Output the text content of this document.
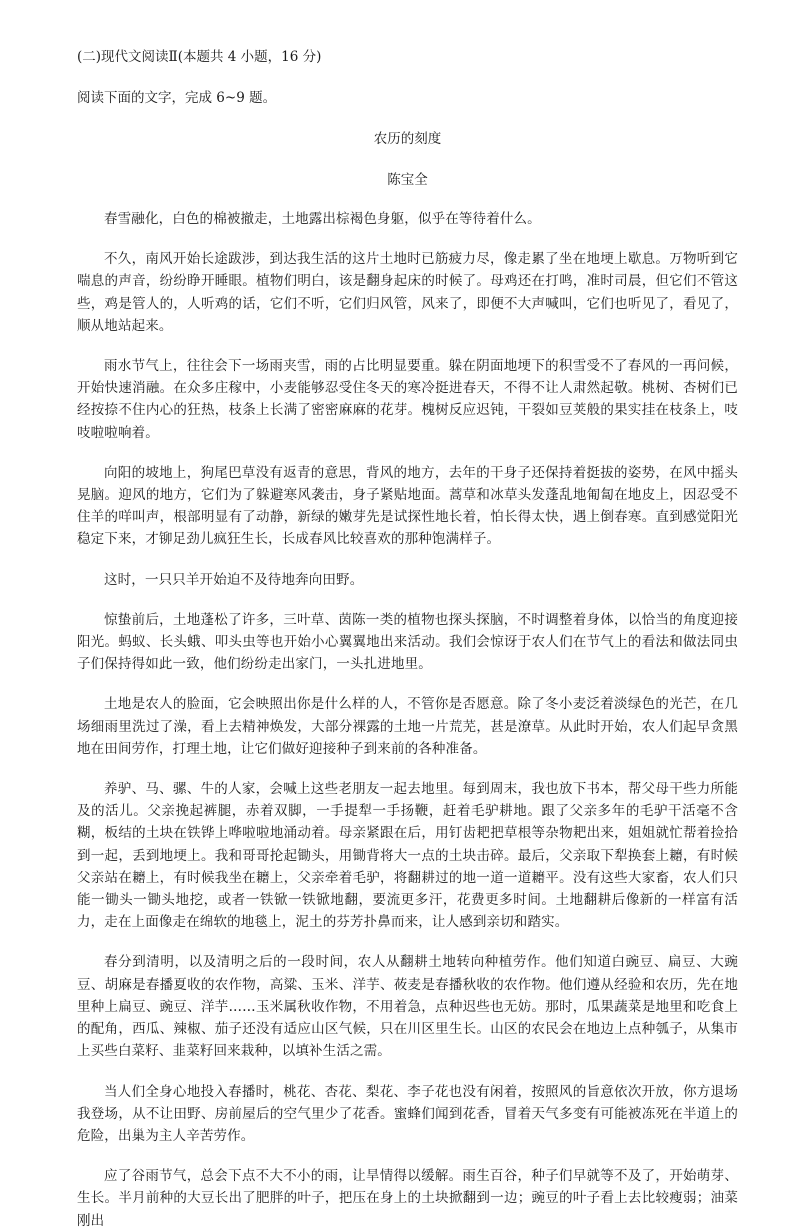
(二)现代文阅读Ⅱ(本题共 4 小题，16 分)

阅读下面的文字，完成 6~9 题。

农历的刻度
陈宝全

春雪融化，白色的棉被撤走，土地露出棕褐色身躯，似乎在等待着什么。

不久，南风开始长途跋涉，到达我生活的这片土地时已筋疲力尽，像走累了坐在地埂上歇息。万物听到它喘息的声音，纷纷睁开睡眼。植物们明白，该是翻身起床的时候了。母鸡还在打鸣，准时司晨，但它们不管这些，鸡是管人的，人听鸡的话，它们不听，它们归风管，风来了，即便不大声喊叫，它们也听见了，看见了，顺从地站起来。

雨水节气上，往往会下一场雨夹雪，雨的占比明显要重。躲在阴面地埂下的积雪受不了春风的一再问候，开始快速消融。在众多庄稼中，小麦能够忍受住冬天的寒冷挺进春天，不得不让人肃然起敬。桃树、杏树们已经按捺不住内心的狂热，枝条上长满了密密麻麻的花芽。槐树反应迟钝，干裂如豆荚般的果实挂在枝条上，吱吱啦啦响着。

向阳的坡地上，狗尾巴草没有返青的意思，背风的地方，去年的干身子还保持着挺拔的姿势，在风中摇头晃脑。迎风的地方，它们为了躲避寒风袭击，身子紧贴地面。蒿草和冰草头发蓬乱地匍匐在地皮上，因忍受不住羊的咩叫声，根部明显有了动静，新绿的嫩芽先是试探性地长着，怕长得太快，遇上倒春寒。直到感觉阳光稳定下来，才铆足劲儿疯狂生长，长成春风比较喜欢的那种饱满样子。

这时，一只只羊开始迫不及待地奔向田野。

惊蛰前后，土地蓬松了许多，三叶草、茵陈一类的植物也探头探脑，不时调整着身体，以恰当的角度迎接阳光。蚂蚁、长头蛾、叩头虫等也开始小心翼翼地出来活动。我们会惊讶于农人们在节气上的看法和做法同虫子们保持得如此一致，他们纷纷走出家门，一头扎进地里。

土地是农人的脸面，它会映照出你是什么样的人，不管你是否愿意。除了冬小麦泛着淡绿色的光芒，在几场细雨里洗过了澡，看上去精神焕发，大部分裸露的土地一片荒芜，甚是潦草。从此时开始，农人们起早贪黑地在田间劳作，打理土地，让它们做好迎接种子到来前的各种准备。

养驴、马、骡、牛的人家，会喊上这些老朋友一起去地里。每到周末，我也放下书本，帮父母干些力所能及的活儿。父亲挽起裤腿，赤着双脚，一手提犁一手扬鞭，赶着毛驴耕地。跟了父亲多年的毛驴干活毫不含糊，板结的土块在铁铧上哗啦啦地涌动着。母亲紧跟在后，用钉齿耙把草根等杂物耙出来，姐姐就忙帮着捡拾到一起，丢到地埂上。我和哥哥抡起锄头，用锄背将大一点的土块击碎。最后，父亲取下犁换套上耱，有时候父亲站在耱上，有时候我坐在耱上，父亲牵着毛驴，将翻耕过的地一道一道耱平。没有这些大家畜，农人们只能一锄头一锄头地挖，或者一铁锨一铁锨地翻，要流更多汗，花费更多时间。土地翻耕后像新的一样富有活力，走在上面像走在绵软的地毯上，泥土的芬芳扑鼻而来，让人感到亲切和踏实。

春分到清明，以及清明之后的一段时间，农人从翻耕土地转向种植劳作。他们知道白豌豆、扁豆、大豌豆、胡麻是春播夏收的农作物，高粱、玉米、洋芋、莜麦是春播秋收的农作物。他们遵从经验和农历，先在地里种上扁豆、豌豆、洋芋……玉米属秋收作物，不用着急，点种迟些也无妨。那时，瓜果蔬菜是地里和吃食上的配角，西瓜、辣椒、茄子还没有适应山区气候，只在川区里生长。山区的农民会在地边上点种瓠子，从集市上买些白菜籽、韭菜籽回来栽种，以填补生活之需。

当人们全身心地投入春播时，桃花、杏花、梨花、李子花也没有闲着，按照风的旨意依次开放，你方退场我登场，从不让田野、房前屋后的空气里少了花香。蜜蜂们闻到花香，冒着天气多变有可能被冻死在半道上的危险，出巢为主人辛苦劳作。

应了谷雨节气，总会下点不大不小的雨，让旱情得以缓解。雨生百谷，种子们早就等不及了，开始萌芽、生长。半月前种的大豆长出了肥胖的叶子，把压在身上的土块掀翻到一边；豌豆的叶子看上去比较瘦弱；油菜刚出
